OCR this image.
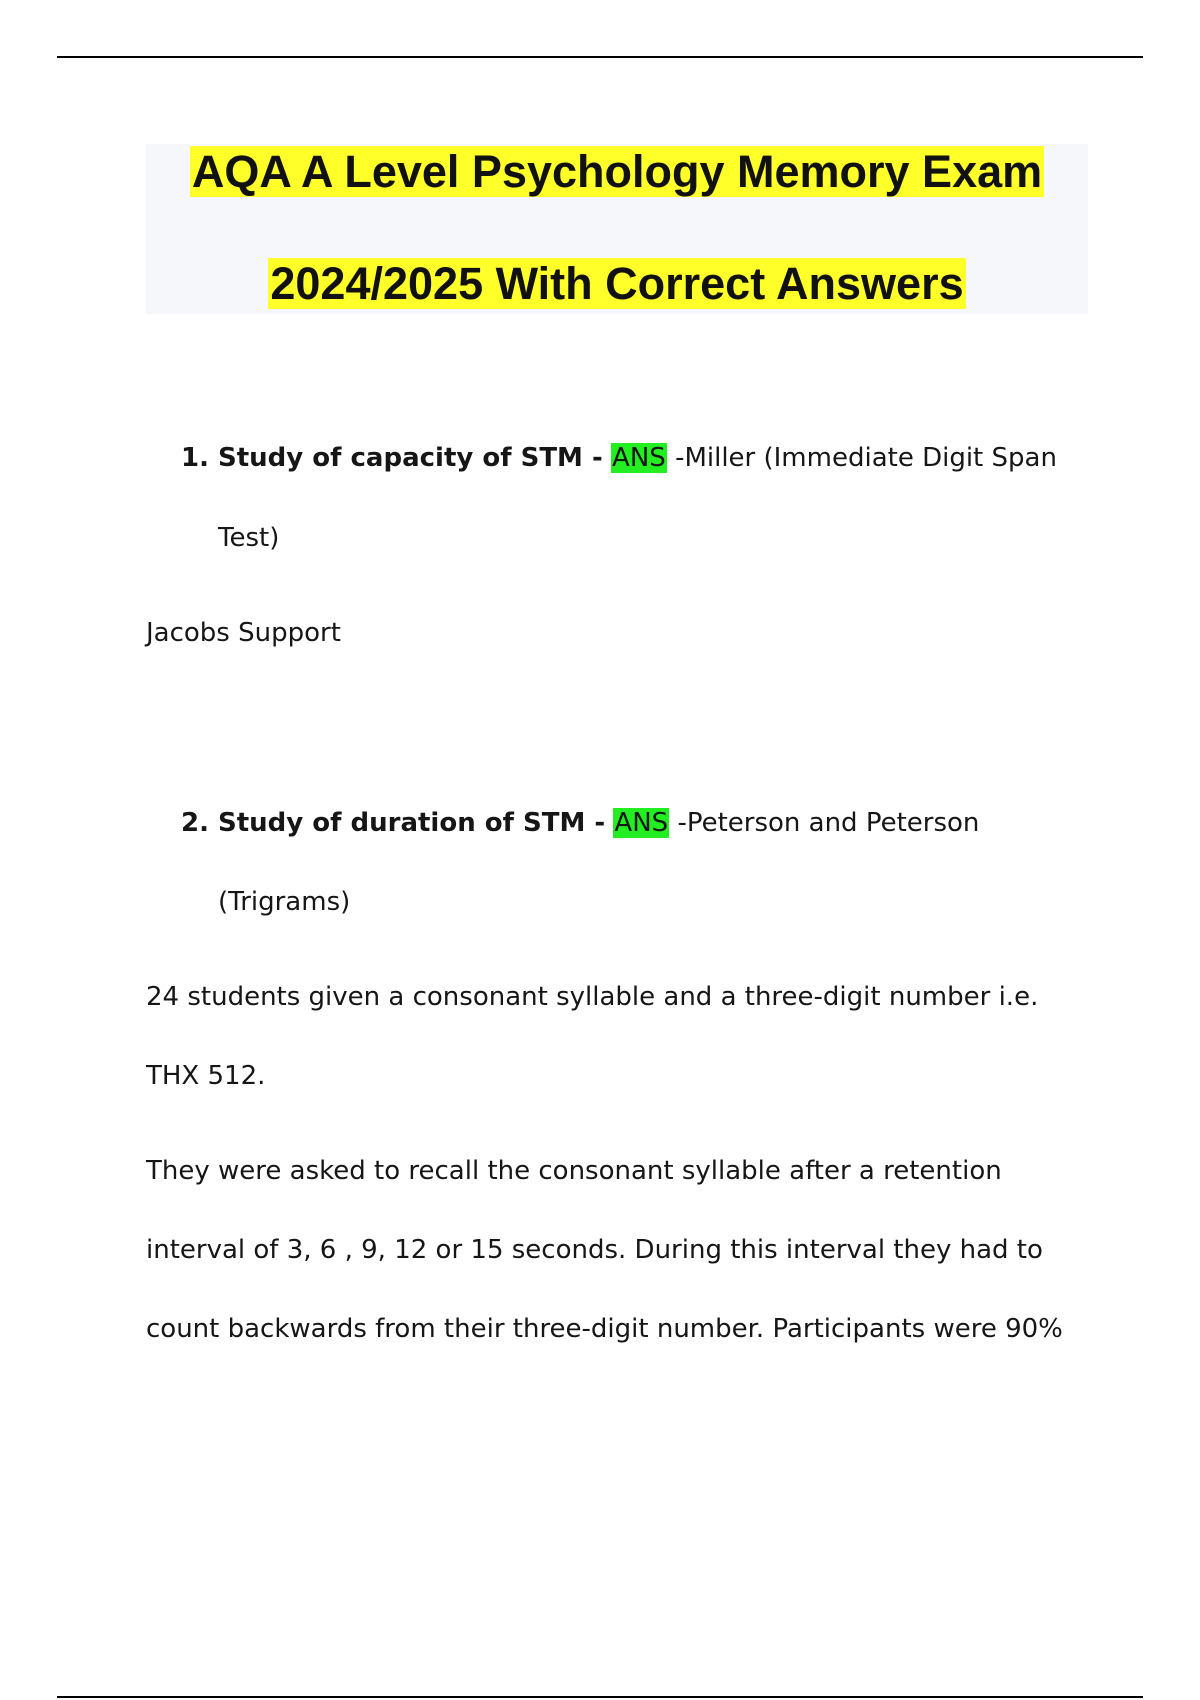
AQA A Level Psychology Memory Exam
2024/2025 With Correct Answers
1. Study of capacity of STM - ANS -Miller (Immediate Digit Span
Test)
Jacobs Support
2. Study of duration of STM - ANS -Peterson and Peterson
(Trigrams)
24 students given a consonant syllable and a three-digit number i.e.
THX 512.
They were asked to recall the consonant syllable after a retention
interval of 3, 6 , 9, 12 or 15 seconds. During this interval they had to
count backwards from their three-digit number. Participants were 90%
